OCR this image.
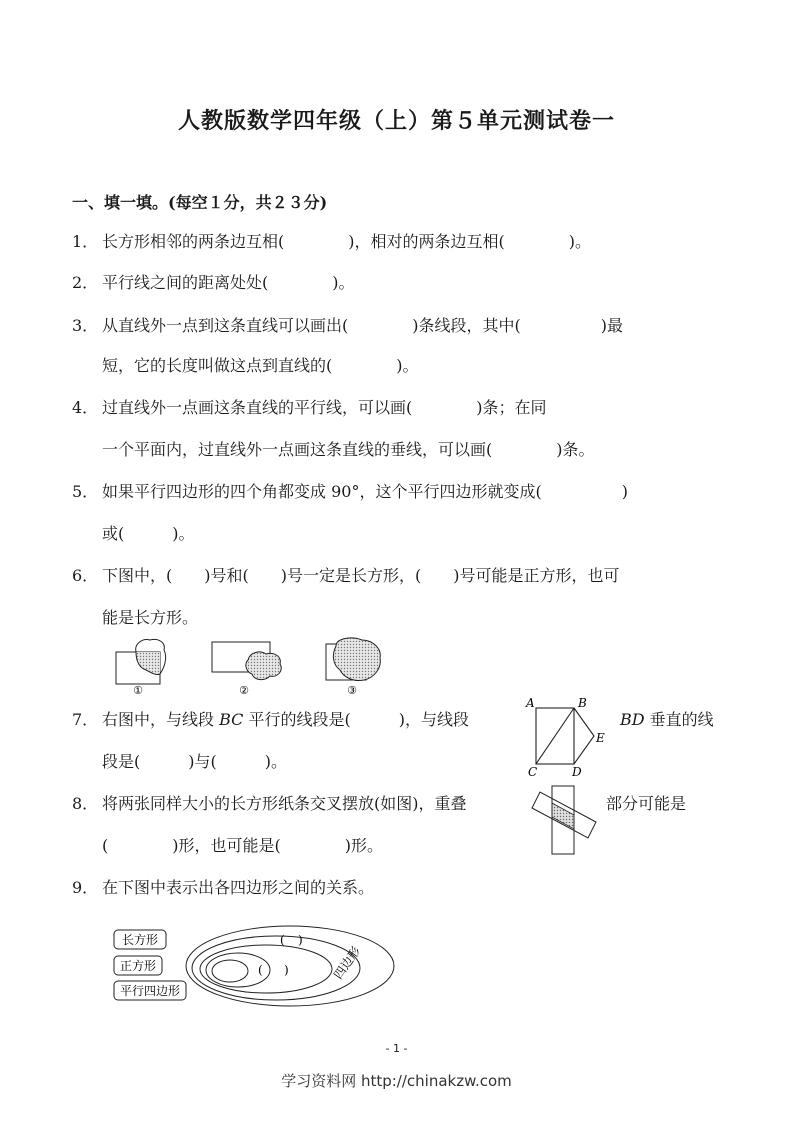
人教版数学四年级（上）第５单元测试卷一
一、填一填。(每空１分，共２３分)
1． 长方形相邻的两条边互相(　　　　)，相对的两条边互相(　　　　)。
2． 平行线之间的距离处处(　　　　)。
3． 从直线外一点到这条直线可以画出(　　　　)条线段，其中(　　　　　)最
短，它的长度叫做这点到直线的(　　　　)。
4． 过直线外一点画这条直线的平行线，可以画(　　　　)条；在同
一个平面内，过直线外一点画这条直线的垂线，可以画(　　　　)条。
5． 如果平行四边形的四个角都变成 90°，这个平行四边形就变成(　　　　　)
或(　　　)。
6． 下图中，(　　)号和(　　)号一定是长方形，(　　)号可能是正方形，也可
能是长方形。
①	②	③
7． 右图中，与线段 BC 平行的线段是(　　　)，与线段	BD 垂直的线
段是(　　　)与(　　　)。
A	B
E
C	D
8． 将两张同样大小的长方形纸条交叉摆放(如图)，重叠	部分可能是
(　　　　)形，也可能是(　　　　)形。
9． 在下图中表示出各四边形之间的关系。
长方形
正方形
平行四边形
四边形
( )
( )
- 1 -
学习资料网 http://chinakzw.com
